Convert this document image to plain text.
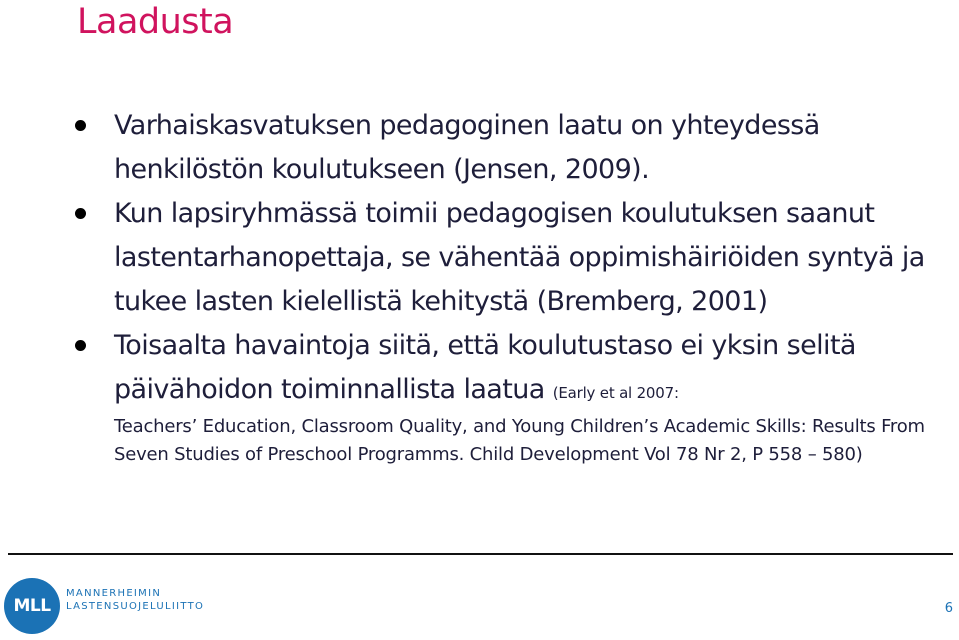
Laadusta
Varhaiskasvatuksen pedagoginen laatu on yhteydessä henkilöstön koulutukseen (Jensen, 2009).
Kun lapsiryhmässä toimii pedagogisen koulutuksen saanut lastentarhanopettaja, se vähentää oppimishäiriöiden syntyä ja tukee lasten kielellistä kehitystä (Bremberg, 2001)
Toisaalta havaintoja siitä, että koulutustaso ei yksin selitä päivähoidon toiminnallista laatua (Early et al 2007:
Teachers’ Education, Classroom Quality, and Young Children’s Academic Skills: Results From Seven Studies of Preschool Programms. Child Development Vol 78 Nr 2, P 558 – 580)
MLL
MANNERHEIMIN
LASTENSUOJELULIITTO	6
